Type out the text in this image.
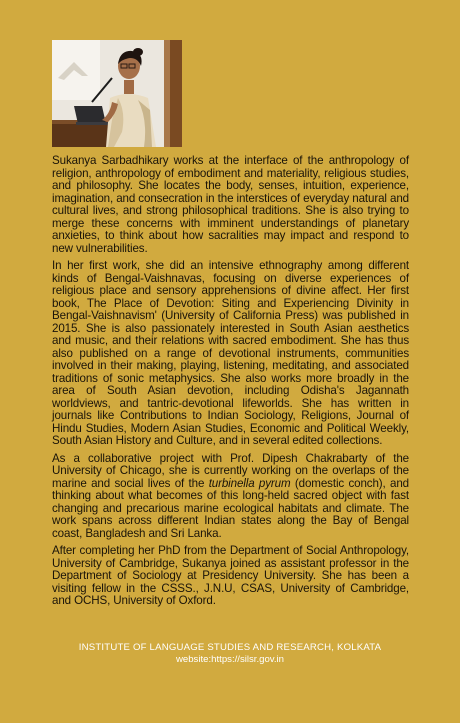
Sukanya Sarbadhikary works at the interface of the anthropology of religion, anthropology of embodiment and materiality, religious studies, and philosophy. She locates the body, senses, intuition, experience, imagination, and consecration in the interstices of everyday natural and cultural lives, and strong philosophical traditions. She is also trying to merge these concerns with imminent understandings of planetary anxieties, to think about how sacralities may impact and respond to new vulnerabilities.

In her first work, she did an intensive ethnography among different kinds of Bengal-Vaishnavas, focusing on diverse experiences of religious place and sensory apprehensions of divine affect. Her first book, The Place of Devotion: Siting and Experiencing Divinity in Bengal-Vaishnavism' (University of California Press) was published in 2015. She is also passionately interested in South Asian aesthetics and music, and their relations with sacred embodiment. She has thus also published on a range of devotional instruments, communities involved in their making, playing, listening, meditating, and associated traditions of sonic metaphysics. She also works more broadly in the area of South Asian devotion, including Odisha's Jagannath worldviews, and tantric-devotional lifeworlds. She has written in journals like Contributions to Indian Sociology, Religions, Journal of Hindu Studies, Modern Asian Studies, Economic and Political Weekly, South Asian History and Culture, and in several edited collections.

As a collaborative project with Prof. Dipesh Chakrabarty of the University of Chicago, she is currently working on the overlaps of the marine and social lives of the turbinella pyrum (domestic conch), and thinking about what becomes of this long-held sacred object with fast changing and precarious marine ecological habitats and climate. The work spans across different Indian states along the Bay of Bengal coast, Bangladesh and Sri Lanka.

After completing her PhD from the Department of Social Anthropology, University of Cambridge, Sukanya joined as assistant professor in the Department of Sociology at Presidency University. She has been a visiting fellow in the CSSS., J.N.U, CSAS, University of Cambridge, and OCHS, University of Oxford.

INSTITUTE OF LANGUAGE STUDIES AND RESEARCH, KOLKATA
website:https://silsr.gov.in
